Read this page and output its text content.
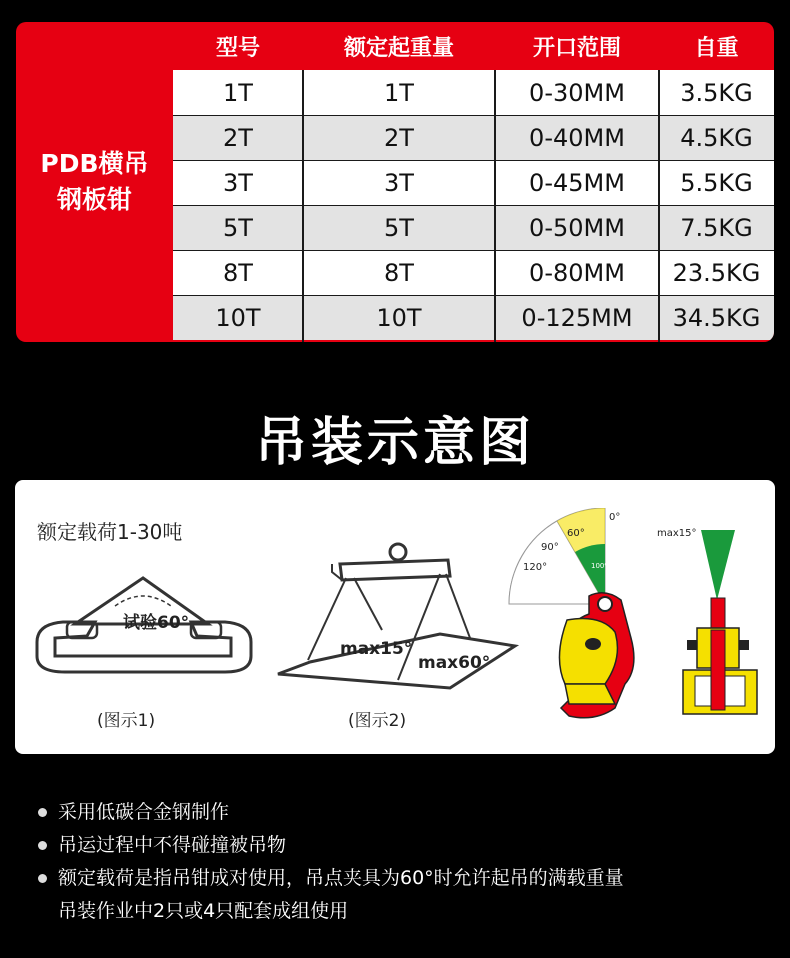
PDB横吊
钢板钳
型号	额定起重量	开口范围	自重
1T	1T	0-30MM	3.5KG
2T	2T	0-40MM	4.5KG
3T	3T	0-45MM	5.5KG
5T	5T	0-50MM	7.5KG
8T	8T	0-80MM	23.5KG
10T	10T	0-125MM	34.5KG
吊装示意图
额定载荷1-30吨
试验60°
(图示1)
max15°
max60°
(图示2)
0°
60°
90°
120°	100%
max15°
采用低碳合金钢制作
吊运过程中不得碰撞被吊物
额定载荷是指吊钳成对使用，吊点夹具为60°时允许起吊的满载重量
吊装作业中2只或4只配套成组使用
